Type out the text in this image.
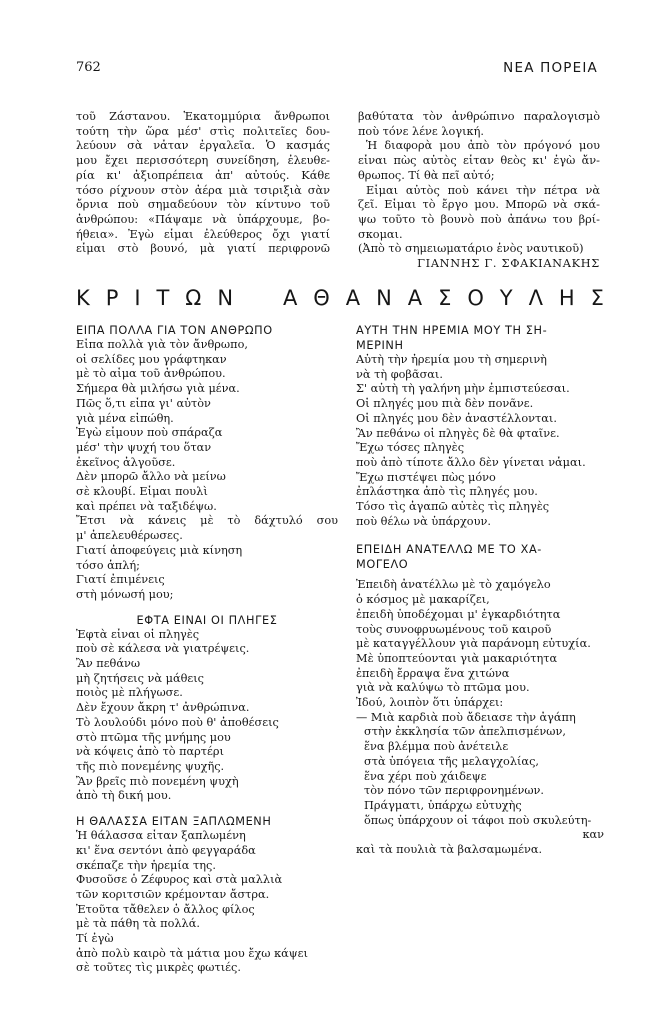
762	ΝΕΑ ΠΟΡΕΙΑ
τοῦ Ζάστανου. Ἑκατομμύρια ἄνθρωποι
τούτη τὴν ὥρα μέσ' στὶς πολιτεῖες δου-
λεύουν σὰ νἆταν ἐργαλεῖα. Ὁ κασμάς
μου ἔχει περισσότερη συνείδηση, ἐλευθε-
ρία κι' ἀξιοπρέπεια ἀπ' αὐτούς. Κάθε
τόσο ρίχνουν στὸν ἀέρα μιὰ τσιριξιὰ σὰν
ὄρνια ποὺ σημαδεύουν τὸν κίντυνο τοῦ
ἀνθρώπου: «Πάψαμε νὰ ὑπάρχουμε, βο-
ήθεια». Ἐγὼ εἶμαι ἐλεύθερος ὄχι γιατί
εἶμαι στὸ βουνό, μὰ γιατί περιφρονῶ
βαθύτατα τὸν ἀνθρώπινο παραλογισμὸ
ποὺ τόνε λένε λογική.
Ἡ διαφορὰ μου ἀπὸ τὸν πρόγονό μου
εἶναι πὼς αὐτὸς εἶταν θεὸς κι' ἐγὼ ἄν-
θρωπος. Τί θὰ πεῖ αὐτό;
Εἶμαι αὐτὸς ποὺ κάνει τὴν πέτρα νὰ
ζεῖ. Εἶμαι τὸ ἔργο μου. Μπορῶ νὰ σκά-
ψω τοῦτο τὸ βουνὸ ποὺ ἀπάνω του βρί-
σκομαι.
(Ἀπὸ τὸ σημειωματάριο ἑνὸς ναυτικοῦ)
ΓΙΑΝΝΗΣ Γ. ΣΦΑΚΙΑΝΑΚΗΣ
Κ Ρ Ι Τ Ω Ν Α Θ Α Ν Α Σ Ο Υ Λ Η Σ
ΕΙΠΑ ΠΟΛΛΑ ΓΙΑ ΤΟΝ ΑΝΘΡΩΠΟ
Εἶπα πολλὰ γιὰ τὸν ἄνθρωπο,
οἱ σελίδες μου γράφτηκαν
μὲ τὸ αἷμα τοῦ ἀνθρώπου.
Σήμερα θὰ μιλήσω γιὰ μένα.
Πῶς ὅ,τι εἶπα γι' αὐτὸν
γιὰ μένα εἰπώθη.
Ἐγὼ εἶμουν ποὺ σπάραζα
μέσ' τὴν ψυχή του ὅταν
ἐκεῖνος ἀλγοῦσε.
Δὲν μπορῶ ἄλλο νὰ μείνω
σὲ κλουβί. Εἶμαι πουλὶ
καὶ πρέπει νὰ ταξιδέψω.
Ἔτσι νὰ κάνεις μὲ τὸ δάχτυλό σου
μ' ἀπελευθέρωσες.
Γιατί ἀποφεύγεις μιὰ κίνηση
τόσο ἁπλή;
Γιατί ἐπιμένεις
στὴ μόνωσή μου;
ΕΦΤΑ ΕΙΝΑΙ ΟΙ ΠΛΗΓΕΣ
Ἐφτὰ εἶναι οἱ πληγὲς
ποὺ σὲ κάλεσα νὰ γιατρέψεις.
Ἂν πεθάνω
μὴ ζητήσεις νὰ μάθεις
ποιὸς μὲ πλήγωσε.
Δὲν ἔχουν ἄκρη τ' ἀνθρώπινα.
Τὸ λουλούδι μόνο ποὺ θ' ἀποθέσεις
στὸ πτῶμα τῆς μνήμης μου
νὰ κόψεις ἀπὸ τὸ παρτέρι
τῆς πιὸ πονεμένης ψυχῆς.
Ἂν βρεῖς πιὸ πονεμένη ψυχὴ
ἀπὸ τὴ δική μου.
Η ΘΑΛΑΣΣΑ ΕΙΤΑΝ ΞΑΠΛΩΜΕΝΗ
Ἡ θάλασσα εἶταν ξαπλωμένη
κι' ἕνα σεντόνι ἀπὸ φεγγαράδα
σκέπαζε τὴν ἡρεμία της.
Φυσοῦσε ὁ Ζέφυρος καὶ στὰ μαλλιὰ
τῶν κοριτσιῶν κρέμονταν ἄστρα.
Ἐτοῦτα τἄθελεν ὁ ἄλλος φίλος
μὲ τὰ πάθη τὰ πολλά.
Τί ἐγὼ
ἀπὸ πολὺ καιρὸ τὰ μάτια μου ἔχω κάψει
σὲ τοῦτες τὶς μικρὲς φωτιές.
ΑΥΤΗ ΤΗΝ ΗΡΕΜΙΑ ΜΟΥ ΤΗ ΣΗ-
ΜΕΡΙΝΗ
Αὐτὴ τὴν ἠρεμία μου τὴ σημερινὴ
νὰ τὴ φοβᾶσαι.
Σ' αὐτὴ τὴ γαλήνη μὴν ἐμπιστεύεσαι.
Οἱ πληγές μου πιὰ δὲν πονᾶνε.
Οἱ πληγές μου δὲν ἀναστέλλονται.
Ἂν πεθάνω οἱ πληγὲς δὲ θὰ φταῖνε.
Ἔχω τόσες πληγὲς
ποὺ ἀπὸ τίποτε ἄλλο δὲν γίνεται νἆμαι.
Ἔχω πιστέψει πὼς μόνο
ἐπλάστηκα ἀπὸ τὶς πληγές μου.
Τόσο τὶς ἀγαπῶ αὐτὲς τὶς πληγὲς
ποὺ θέλω νὰ ὑπάρχουν.
ΕΠΕΙΔΗ ΑΝΑΤΕΛΛΩ ΜΕ ΤΟ ΧΑ-
ΜΟΓΕΛΟ
Ἐπειδὴ ἀνατέλλω μὲ τὸ χαμόγελο
ὁ κόσμος μὲ μακαρίζει,
ἐπειδὴ ὑποδέχομαι μ' ἐγκαρδιότητα
τοὺς συνοφρυωμένους τοῦ καιροῦ
μὲ καταγγέλλουν γιὰ παράνομη εὐτυχία.
Μὲ ὑποπτεύονται γιὰ μακαριότητα
ἐπειδὴ ἔρραψα ἕνα χιτώνα
γιὰ νὰ καλύψω τὸ πτῶμα μου.
Ἰδού, λοιπὸν ὅτι ὑπάρχει:
— Μιὰ καρδιὰ ποὺ ἄδειασε τὴν ἀγάπη
στὴν ἐκκλησία τῶν ἀπελπισμένων,
ἕνα βλέμμα ποὺ ἀνέτειλε
στὰ ὑπόγεια τῆς μελαγχολίας,
ἕνα χέρι ποὺ χάιδεψε
τὸν πόνο τῶν περιφρονημένων.
Πράγματι, ὑπάρχω εὐτυχὴς
ὅπως ὑπάρχουν οἱ τάφοι ποὺ σκυλεύτη-
καν
καὶ τὰ πουλιὰ τὰ βαλσαμωμένα.
